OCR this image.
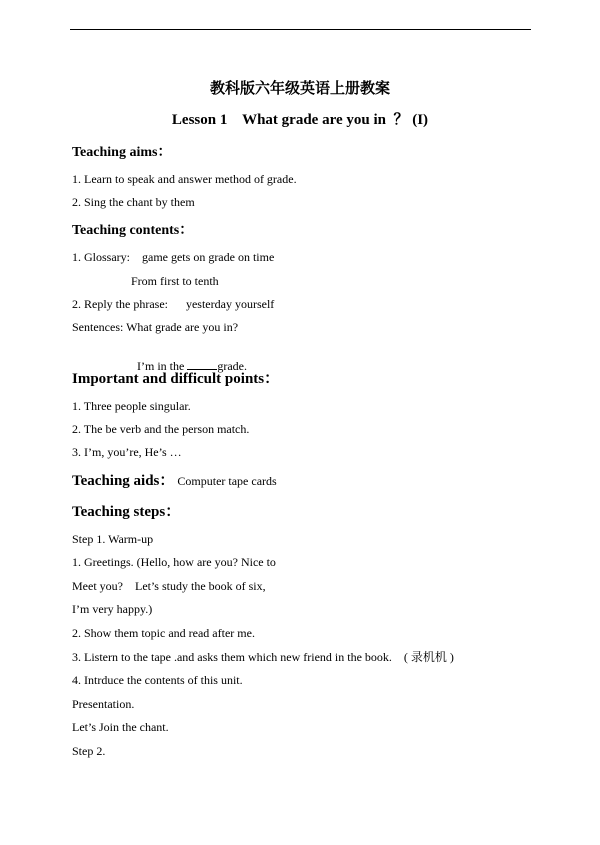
教科版六年级英语上册教案
Lesson 1    What grade are you in  ？ (I)
Teaching aims：
1. Learn to speak and answer method of grade.
2. Sing the chant by them
Teaching contents：
1. Glossary:    game gets on grade on time
From first to tenth
2. Reply the phrase:      yesterday yourself
Sentences: What grade are you in?

I’m in the	grade.

Important and difficult points：
1. Three people singular.
2. The be verb and the person match.
3. I’m, you’re, He’s …
Teaching aids： Computer tape cards
Teaching steps：
Step 1. Warm-up
1. Greetings. (Hello, how are you? Nice to
Meet you?    Let’s study the book of six,
I’m very happy.)
2. Show them topic and read after me.
3. Listern to the tape .and asks them which new friend in the book.    ( 录机机 )
4. Intrduce the contents of this unit.
Presentation.
Let’s Join the chant.
Step 2.
